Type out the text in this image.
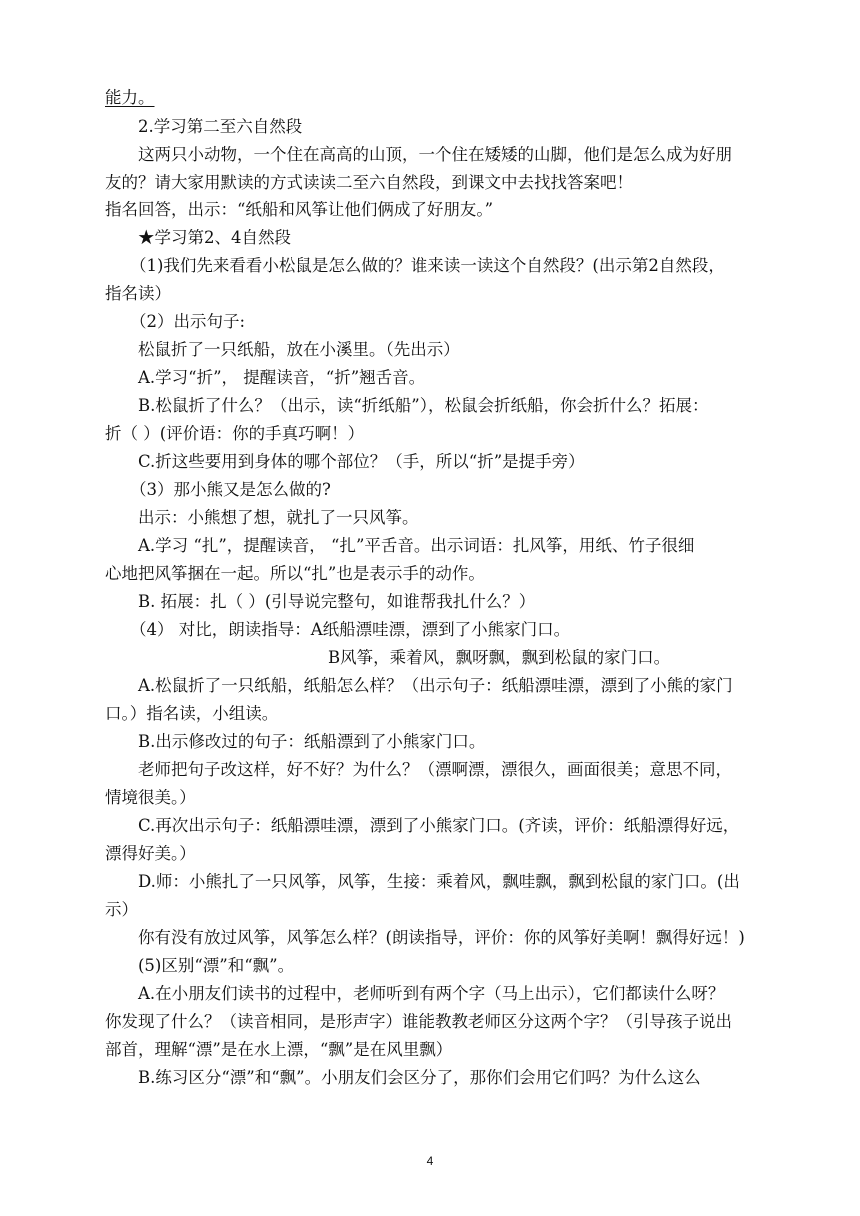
能力。
2.学习第二至六自然段
这两只小动物，一个住在高高的山顶，一个住在矮矮的山脚，他们是怎么成为好朋
友的？请大家用默读的方式读读二至六自然段，到课文中去找找答案吧！
指名回答，出示：“纸船和风筝让他们俩成了好朋友。”
★学习第2、4自然段
（1)我们先来看看小松鼠是怎么做的？谁来读一读这个自然段？(出示第2自然段，
指名读）
（2）出示句子:
松鼠折了一只纸船，放在小溪里。（先出示）
A.学习“折”， 提醒读音，“折”翘舌音。
B.松鼠折了什么？（出示，读“折纸船”），松鼠会折纸船，你会折什么？拓展：
折（ ）(评价语：你的手真巧啊！）
C.折这些要用到身体的哪个部位？（手，所以“折”是提手旁）
（3）那小熊又是怎么做的?
出示：小熊想了想，就扎了一只风筝。
A.学习 “扎”，提醒读音， “扎”平舌音。出示词语：扎风筝，用纸、竹子很细
心地把风筝捆在一起。所以“扎”也是表示手的动作。
B. 拓展：扎（ ）(引导说完整句，如谁帮我扎什么？）
（4） 对比，朗读指导：A纸船漂哇漂，漂到了小熊家门口。
B风筝，乘着风，飘呀飘，飘到松鼠的家门口。
A.松鼠折了一只纸船，纸船怎么样？（出示句子：纸船漂哇漂，漂到了小熊的家门
口。）指名读，小组读。
B.出示修改过的句子：纸船漂到了小熊家门口。
老师把句子改这样，好不好？为什么？（漂啊漂，漂很久，画面很美；意思不同，
情境很美。）
C.再次出示句子：纸船漂哇漂，漂到了小熊家门口。(齐读，评价：纸船漂得好远，
漂得好美。）
D.师：小熊扎了一只风筝，风筝，生接：乘着风，飘哇飘，飘到松鼠的家门口。(出
示）
你有没有放过风筝，风筝怎么样？(朗读指导，评价：你的风筝好美啊！飘得好远！)
(5)区别“漂”和“飘”。
A.在小朋友们读书的过程中，老师听到有两个字（马上出示），它们都读什么呀？
你发现了什么？（读音相同，是形声字）谁能教教老师区分这两个字？（引导孩子说出
部首，理解“漂”是在水上漂，“飘”是在风里飘）
B.练习区分“漂”和“飘”。小朋友们会区分了，那你们会用它们吗？为什么这么
4
